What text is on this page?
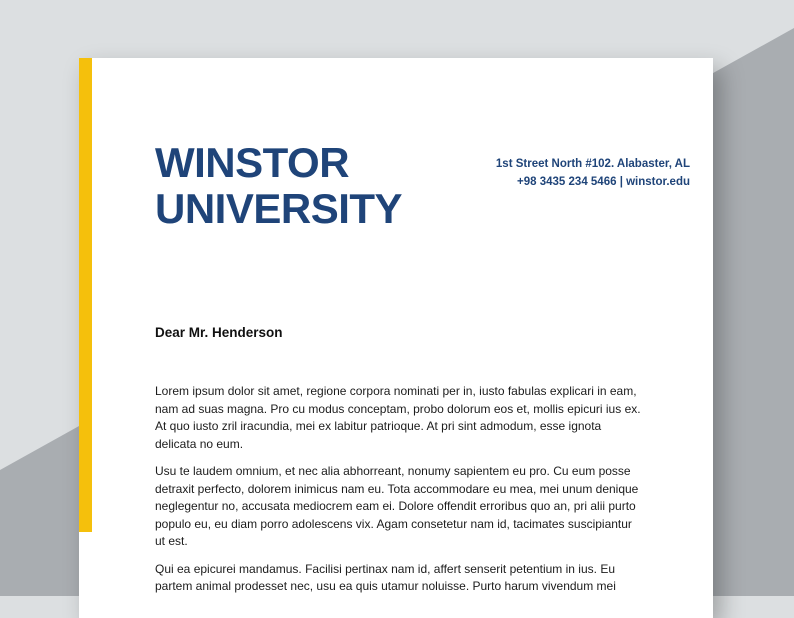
WINSTOR
UNIVERSITY
1st Street North #102. Alabaster, AL
+98 3435 234 5466 | winstor.edu

Dear Mr. Henderson

Lorem ipsum dolor sit amet, regione corpora nominati per in, iusto fabulas explicari in eam, nam ad suas magna. Pro cu modus conceptam, probo dolorum eos et, mollis epicuri ius ex. At quo iusto zril iracundia, mei ex labitur patrioque. At pri sint admodum, esse ignota delicata no eum.

Usu te laudem omnium, et nec alia abhorreant, nonumy sapientem eu pro. Cu eum posse detraxit perfecto, dolorem inimicus nam eu. Tota accommodare eu mea, mei unum denique neglegentur no, accusata mediocrem eam ei. Dolore offendit erroribus quo an, pri alii purto populo eu, eu diam porro adolescens vix. Agam consetetur nam id, tacimates suscipiantur ut est.

Qui ea epicurei mandamus. Facilisi pertinax nam id, affert senserit petentium in ius. Eu partem animal prodesset nec, usu ea quis utamur noluisse. Purto harum vivendum mei
